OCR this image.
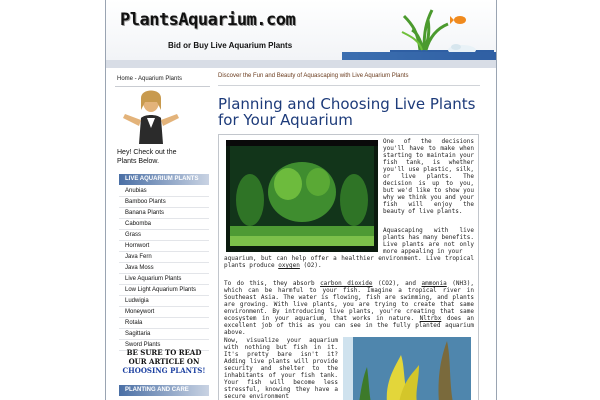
PlantsAquarium.com
Bid or Buy Live Aquarium Plants
Home - Aquarium Plants
Hey! Check out the Plants Below.
LIVE AQUARIUM PLANTS
Anubias
Bamboo Plants
Banana Plants
Cabomba
Grass
Hornwort
Java Fern
Java Moss
Live Aquarium Plants
Low Light Aquarium Plants
Ludwigia
Moneywort
Rotala
Sagittaria
Sword Plants
BE SURE TO READ
OUR ARTICLE ON
CHOOSING PLANTS!
PLANTING AND CARE
Discover the Fun and Beauty of Aquascaping with Live Aquarium Plants
Planning and Choosing Live Plants for Your Aquarium
One of the decisions you'll have to make when starting to maintain your fish tank, is whether you'll use plastic, silk, or live plants. The decision is up to you, but we'd like to show you why we think you and your fish will enjoy the beauty of live plants.
Aquascaping with live plants has many benefits. Live plants are not only more appealing in your
aquarium, but can help offer a healthier environment. Live tropical plants produce oxygen (O2).
To do this, they absorb carbon dioxide (CO2), and ammonia (NH3), which can be harmful to your fish. Imagine a tropical river in Southeast Asia. The water is flowing, fish are swimming, and plants are growing. With live plants, you are trying to create that same environment. By introducing live plants, you're creating that same ecosystem in your aquarium, that works in nature. Nltrbx does an excellent job of this as you can see in the fully planted aquarium above.
Now, visualize your aquarium with nothing but fish in it. It's pretty bare isn't it? Adding live plants will provide security and shelter to the inhabitants of your fish tank. Your fish will become less stressful, knowing they have a secure environment
